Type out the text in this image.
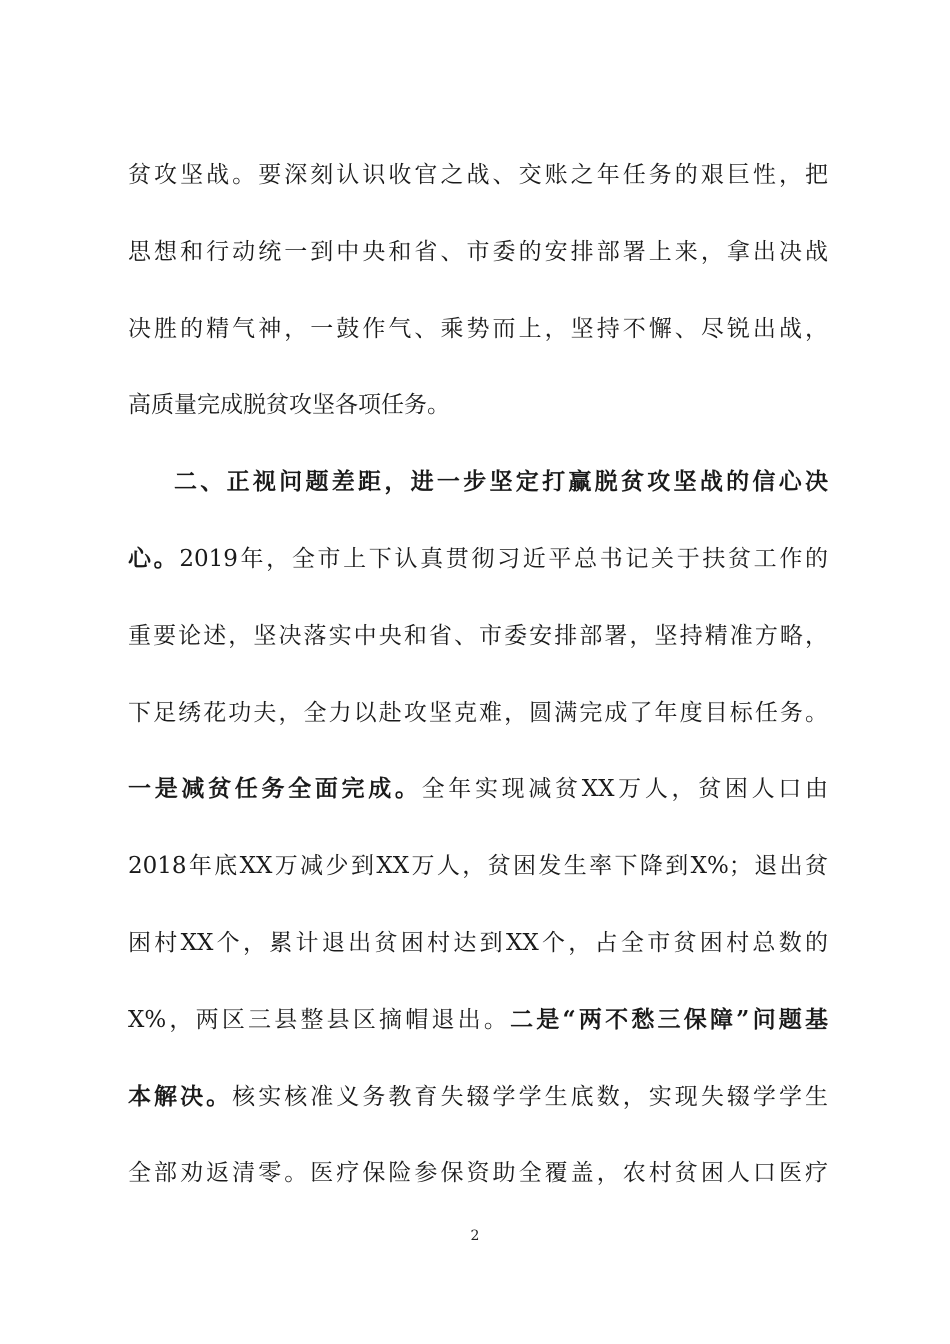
贫攻坚战。要深刻认识收官之战、交账之年任务的艰巨性，把
思想和行动统一到中央和省、市委的安排部署上来，拿出决战
决胜的精气神，一鼓作气、乘势而上，坚持不懈、尽锐出战，
高质量完成脱贫攻坚各项任务。
二、正视问题差距，进一步坚定打赢脱贫攻坚战的信心决
心。2019年，全市上下认真贯彻习近平总书记关于扶贫工作的
重要论述，坚决落实中央和省、市委安排部署，坚持精准方略，
下足绣花功夫，全力以赴攻坚克难，圆满完成了年度目标任务。
一是减贫任务全面完成。全年实现减贫XX万人，贫困人口由
2018年底XX万减少到XX万人，贫困发生率下降到X%；退出贫
困村XX个，累计退出贫困村达到XX个，占全市贫困村总数的
X%，两区三县整县区摘帽退出。二是“两不愁三保障”问题基
本解决。核实核准义务教育失辍学学生底数，实现失辍学学生
全部劝返清零。医疗保险参保资助全覆盖，农村贫困人口医疗
2
